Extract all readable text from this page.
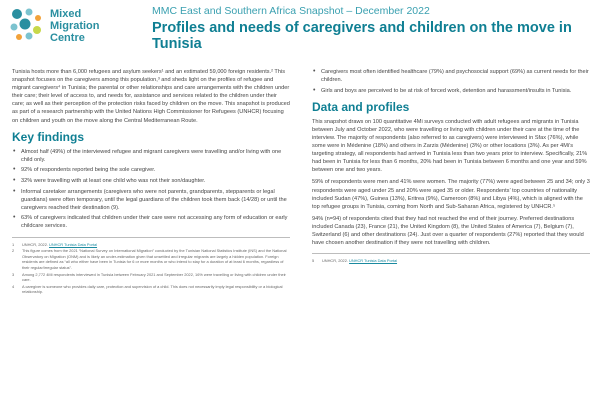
Mixed
Migration
Centre
MMC East and Southern Africa Snapshot – December 2022
Profiles and needs of caregivers and children on the move in Tunisia

Tunisia hosts more than 6,000 refugees and asylum seekers¹ and an estimated 59,000 foreign residents.² This snapshot focuses on the caregivers among this population,³ and sheds light on the profiles of refugee and migrant caregivers⁴ in Tunisia; the parental or other relationships and care arrangements with the children under their care; their level of access to, and needs for, assistance and services related to the children under their care; as well as their perception of the protection risks faced by children on the move. This snapshot is produced as part of a research partnership with the United Nations High Commissioner for Refugees (UNHCR) focusing on children and youth on the move along the Central Mediterranean Route.

Key findings
• Almost half (49%) of the interviewed refugee and migrant caregivers were travelling and/or living with one child only.
• 92% of respondents reported being the sole caregiver.
• 32% were travelling with at least one child who was not their son/daughter.
• Informal caretaker arrangements (caregivers who were not parents, grandparents, stepparents or legal guardians) were often temporary, until the legal guardians of the children took them back (14/28) or until the caregivers reached their destination (9).
• 63% of caregivers indicated that children under their care were not accessing any form of education or early childcare services.
1 UNHCR, 2022. UNHCR Tunisia Data Portal
2 This figure comes from the 2021 “National Survey on International Migration” conducted by the Tunisian National Statistics Institute (INS) and the National Observatory on Migration (ONM) and is likely an under-estimation given that unsettled and irregular migrants are largely a hidden population. Foreign residents are defined as “all who either have been in Tunisia for 6 or more months or who intend to stay for a duration of at least 6 months, regardless of their regular/irregular status”.
3 Among 2,772 4Mi respondents interviewed in Tunisia between February 2021 and September 2022, 16% were travelling or living with children under their care.
4 A caregiver is someone who provides daily care, protection and supervision of a child. This does not necessarily imply legal responsibility or a biological relationship.
• Caregivers most often identified healthcare (79%) and psychosocial support (69%) as current needs for their children.
• Girls and boys are perceived to be at risk of forced work, detention and harassment/insults in Tunisia.
Data and profiles

This snapshot draws on 100 quantitative 4Mi surveys conducted with adult refugees and migrants in Tunisia between July and October 2022, who were travelling or living with children under their care at the time of the interview. The majority of respondents (also referred to as caregivers) were interviewed in Sfax (76%), while some were in Médenine (18%) and others in Zarzis (Médenine) (3%) or other locations (3%). As per 4Mi’s targeting strategy, all respondents had arrived in Tunisia less than two years prior to interview. Specifically, 21% had been in Tunisia for less than 6 months, 20% had been in Tunisia between 6 months and one year and 59% between one and two years.

59% of respondents were men and 41% were women. The majority (77%) were aged between 25 and 34; only 3 respondents were aged under 25 and 20% were aged 35 or older. Respondents’ top countries of nationality included Sudan (47%), Guinea (13%), Eritrea (9%), Cameroon (8%) and Libya (4%), which is aligned with the top refugee groups in Tunisia, coming from North and Sub-Saharan Africa, registered by UNHCR.⁵

94% (n=94) of respondents cited that they had not reached the end of their journey. Preferred destinations included Canada (23), France (21), the United Kingdom (8), the United States of America (7), Belgium (7), Switzerland (6) and other destinations (24). Just over a quarter of respondents (27%) reported that they would have chosen another destination if they were not travelling with children.

5 UNHCR, 2022. UNHCR Tunisia Data Portal
